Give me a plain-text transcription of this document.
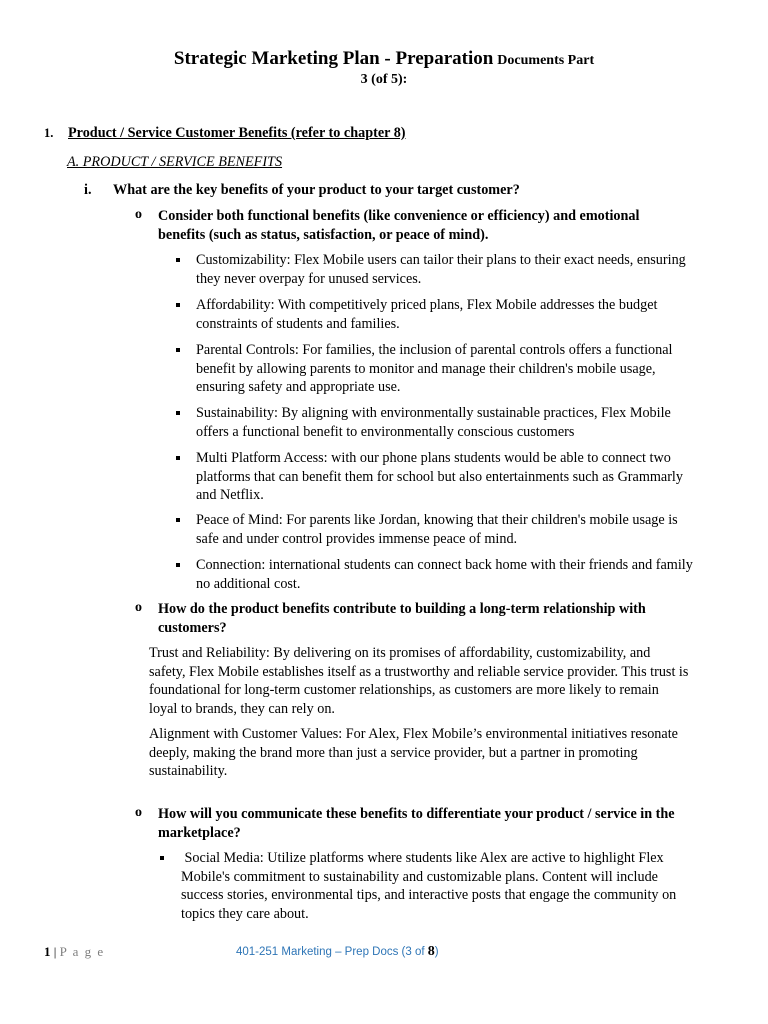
Strategic Marketing Plan - Preparation Documents Part
3 (of 5):
1. Product / Service Customer Benefits (refer to chapter 8)
A. PRODUCT / SERVICE BENEFITS
i. What are the key benefits of your product to your target customer?
o Consider both functional benefits (like convenience or efficiency) and emotional
benefits (such as status, satisfaction, or peace of mind).
Customizability: Flex Mobile users can tailor their plans to their exact needs, ensuring
they never overpay for unused services.
Affordability: With competitively priced plans, Flex Mobile addresses the budget
constraints of students and families.
Parental Controls: For families, the inclusion of parental controls offers a functional
benefit by allowing parents to monitor and manage their children's mobile usage,
ensuring safety and appropriate use.
Sustainability: By aligning with environmentally sustainable practices, Flex Mobile
offers a functional benefit to environmentally conscious customers
Multi Platform Access: with our phone plans students would be able to connect two
platforms that can benefit them for school but also entertainments such as Grammarly
and Netflix.
Peace of Mind: For parents like Jordan, knowing that their children's mobile usage is
safe and under control provides immense peace of mind.
Connection: international students can connect back home with their friends and family
no additional cost.
o How do the product benefits contribute to building a long-term relationship with
customers?
Trust and Reliability: By delivering on its promises of affordability, customizability, and
safety, Flex Mobile establishes itself as a trustworthy and reliable service provider. This trust is
foundational for long-term customer relationships, as customers are more likely to remain
loyal to brands, they can rely on.
Alignment with Customer Values: For Alex, Flex Mobile’s environmental initiatives resonate
deeply, making the brand more than just a service provider, but a partner in promoting
sustainability.
o How will you communicate these benefits to differentiate your product / service in the
marketplace?
Social Media: Utilize platforms where students like Alex are active to highlight Flex
Mobile's commitment to sustainability and customizable plans. Content will include
success stories, environmental tips, and interactive posts that engage the community on
topics they care about.
1 | P a g e	401-251 Marketing – Prep Docs (3 of 8)
